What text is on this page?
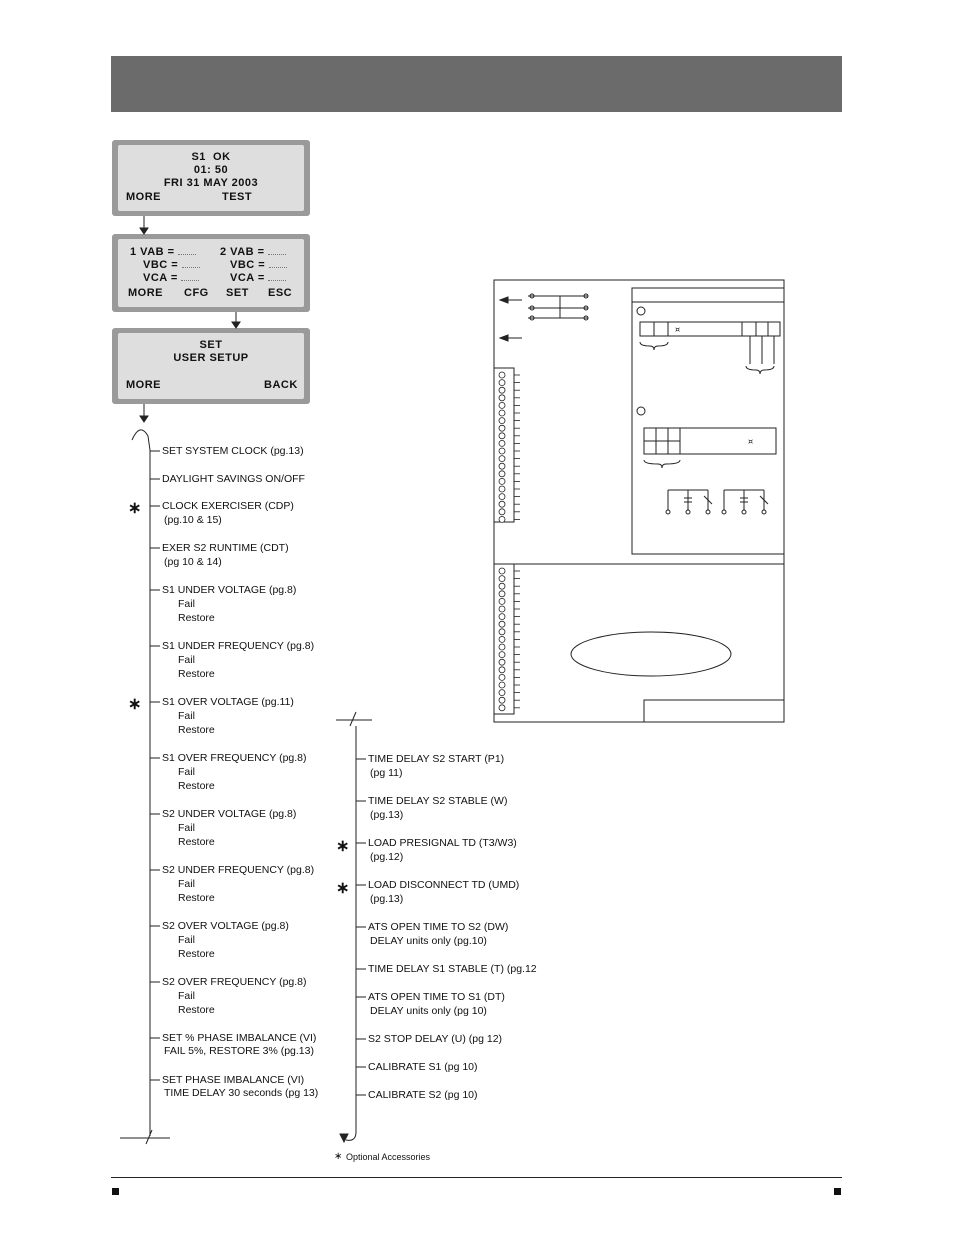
S1  OK
01: 50
FRI 31 MAY 2003
MORE	TEST
1 VAB =	2 VAB =
VBC =	VBC =
VCA =	VCA =
MORE CFG SET ESC
SET
USER SETUP
MORE	BACK
¤
¤
∗
∗
∗
∗
SET SYSTEM CLOCK (pg.13)
DAYLIGHT SAVINGS ON/OFF
CLOCK EXERCISER (CDP)
(pg.10 & 15)
EXER S2 RUNTIME (CDT)
(pg 10 & 14)
S1 UNDER VOLTAGE (pg.8)
Fail
Restore
S1 UNDER FREQUENCY (pg.8)
Fail
Restore
S1 OVER VOLTAGE (pg.11)
Fail
Restore
S1 OVER FREQUENCY (pg.8)
Fail
Restore
S2 UNDER VOLTAGE (pg.8)
Fail
Restore
S2 UNDER FREQUENCY (pg.8)
Fail
Restore
S2 OVER VOLTAGE (pg.8)
Fail
Restore
S2 OVER FREQUENCY (pg.8)
Fail
Restore
SET % PHASE IMBALANCE (VI)
FAIL 5%, RESTORE 3% (pg.13)
SET PHASE IMBALANCE (VI)
TIME DELAY 30 seconds (pg 13)
TIME DELAY S2 START (P1)
(pg 11)
TIME DELAY S2 STABLE (W)
(pg.13)
LOAD PRESIGNAL TD (T3/W3)
(pg.12)
LOAD DISCONNECT TD (UMD)
(pg.13)
ATS OPEN TIME TO S2 (DW)
DELAY units only (pg.10)
TIME DELAY S1 STABLE (T) (pg.12
ATS OPEN TIME TO S1 (DT)
DELAY units only (pg 10)
S2 STOP DELAY (U) (pg 12)
CALIBRATE S1 (pg 10)
CALIBRATE S2 (pg 10)
∗ Optional Accessories
